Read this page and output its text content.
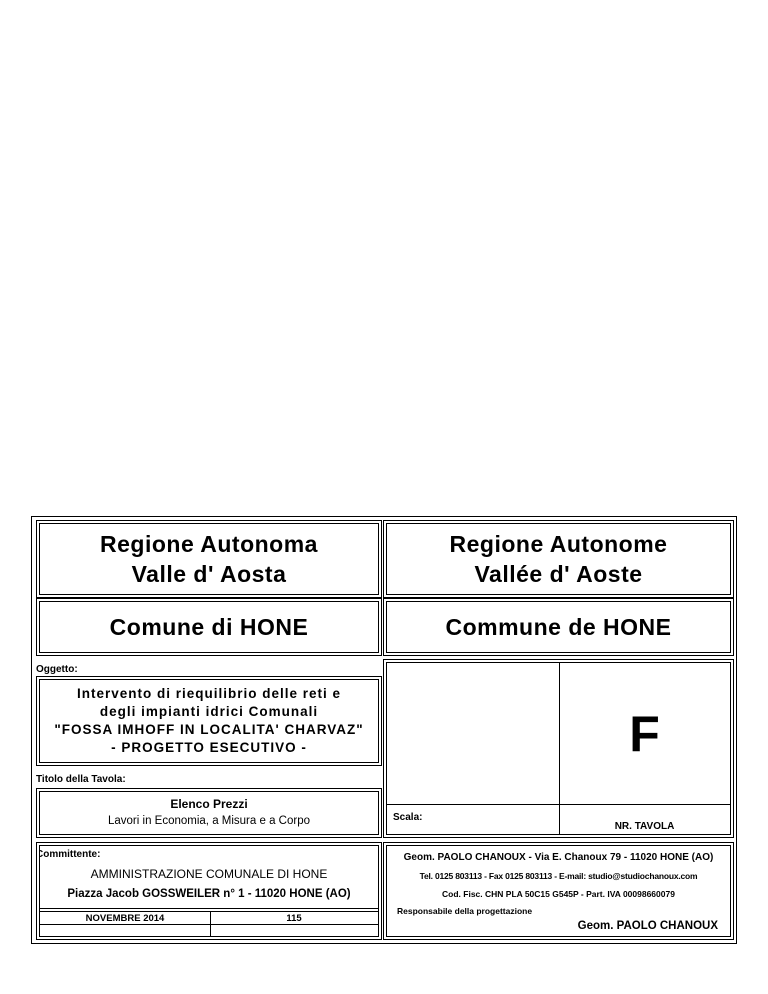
Regione Autonoma
Valle d' Aosta
Regione Autonome
Vallée d' Aoste
Comune di HONE	Commune de HONE
Oggetto:
Intervento di riequilibrio delle reti e
degli impianti idrici Comunali
"FOSSA IMHOFF IN LOCALITA' CHARVAZ"
- PROGETTO ESECUTIVO -
Titolo della Tavola:
Elenco Prezzi
Lavori in Economia, a Misura e a Corpo
F
Scala:
NR. TAVOLA
Committente:
AMMINISTRAZIONE COMUNALE DI HONE
Piazza Jacob GOSSWEILER n° 1 - 11020 HONE (AO)
NOVEMBRE 2014	115
Geom. PAOLO CHANOUX - Via E. Chanoux 79 - 11020 HONE (AO)
Tel. 0125 803113 - Fax 0125 803113 - E-mail: studio@studiochanoux.com
Cod. Fisc. CHN PLA 50C15 G545P - Part. IVA 00098660079
Responsabile della progettazione
Geom. PAOLO CHANOUX
